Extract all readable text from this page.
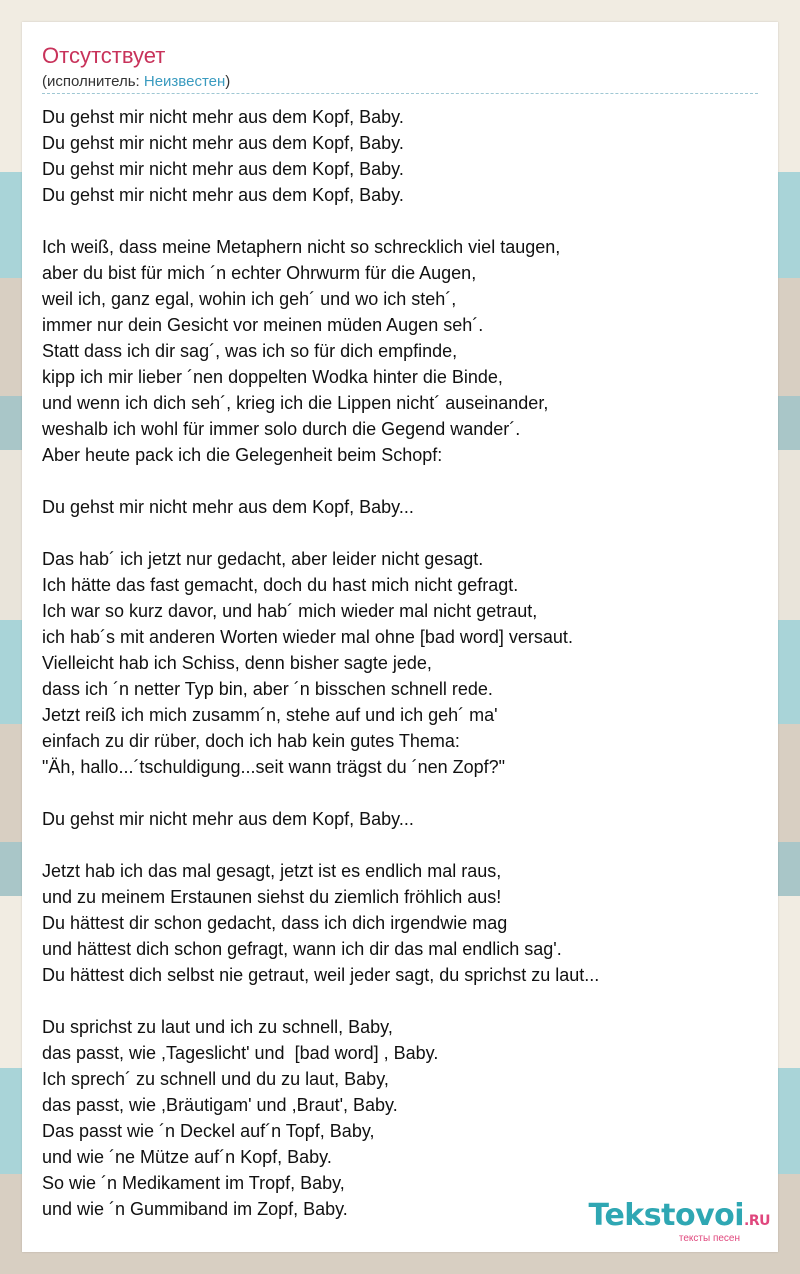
Отсутствует
(исполнитель: Неизвестен)
Du gehst mir nicht mehr aus dem Kopf, Baby.
Du gehst mir nicht mehr aus dem Kopf, Baby.
Du gehst mir nicht mehr aus dem Kopf, Baby.
Du gehst mir nicht mehr aus dem Kopf, Baby.
Ich weiß, dass meine Metaphern nicht so schrecklich viel taugen,
aber du bist für mich ´n echter Ohrwurm für die Augen,
weil ich, ganz egal, wohin ich geh´ und wo ich steh´,
immer nur dein Gesicht vor meinen müden Augen seh´.
Statt dass ich dir sag´, was ich so für dich empfinde,
kipp ich mir lieber ´nen doppelten Wodka hinter die Binde,
und wenn ich dich seh´, krieg ich die Lippen nicht´ auseinander,
weshalb ich wohl für immer solo durch die Gegend wander´.
Aber heute pack ich die Gelegenheit beim Schopf:
Du gehst mir nicht mehr aus dem Kopf, Baby...
Das hab´ ich jetzt nur gedacht, aber leider nicht gesagt.
Ich hätte das fast gemacht, doch du hast mich nicht gefragt.
Ich war so kurz davor, und hab´ mich wieder mal nicht getraut,
ich hab´s mit anderen Worten wieder mal ohne [bad word] versaut.
Vielleicht hab ich Schiss, denn bisher sagte jede,
dass ich ´n netter Typ bin, aber ´n bisschen schnell rede.
Jetzt reiß ich mich zusamm´n, stehe auf und ich geh´ ma'
einfach zu dir rüber, doch ich hab kein gutes Thema:
"Äh, hallo...´tschuldigung...seit wann trägst du ´nen Zopf?"
Du gehst mir nicht mehr aus dem Kopf, Baby...
Jetzt hab ich das mal gesagt, jetzt ist es endlich mal raus,
und zu meinem Erstaunen siehst du ziemlich fröhlich aus!
Du hättest dir schon gedacht, dass ich dich irgendwie mag
und hättest dich schon gefragt, wann ich dir das mal endlich sag'.
Du hättest dich selbst nie getraut, weil jeder sagt, du sprichst zu laut...
Du sprichst zu laut und ich zu schnell, Baby,
das passt, wie ,Tageslicht' und  [bad word] , Baby.
Ich sprech´ zu schnell und du zu laut, Baby,
das passt, wie ,Bräutigam' und ,Braut', Baby.
Das passt wie ´n Deckel auf´n Topf, Baby,
und wie ´ne Mütze auf´n Kopf, Baby.
So wie ´n Medikament im Tropf, Baby,
und wie ´n Gummiband im Zopf, Baby.	Tekstovoi.RU
тексты песен
